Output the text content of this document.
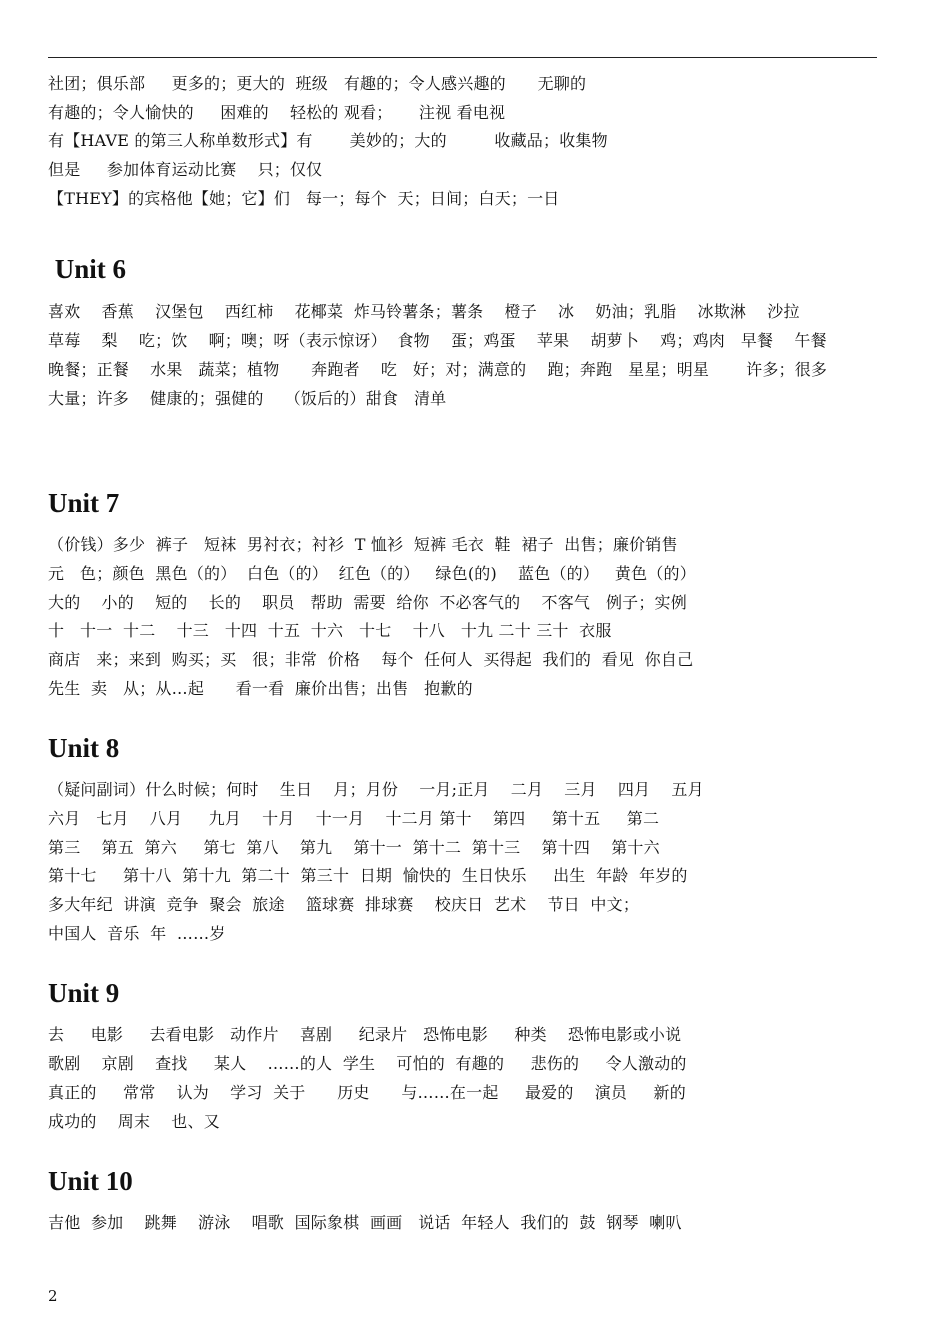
社团；俱乐部     更多的；更大的  班级   有趣的；令人感兴趣的      无聊的
有趣的；令人愉快的     困难的    轻松的 观看；     注视 看电视
有【HAVE 的第三人称单数形式】有       美妙的；大的         收藏品；收集物
但是     参加体育运动比赛    只；仅仅
【THEY】的宾格他【她；它】们   每一；每个  天；日间；白天；一日
Unit 6
喜欢    香蕉    汉堡包    西红柿    花椰菜  炸马铃薯条；薯条    橙子    冰    奶油；乳脂    冰欺淋    沙拉
草莓    梨    吃；饮    啊；噢；呀（表示惊讶）  食物    蛋；鸡蛋    苹果    胡萝卜    鸡；鸡肉   早餐    午餐
晚餐；正餐    水果   蔬菜；植物      奔跑者    吃   好；对；满意的    跑；奔跑   星星；明星       许多；很多
大量；许多    健康的；强健的    （饭后的）甜食   清单
Unit 7
（价钱）多少  裤子   短袜  男衬衣；衬衫  T 恤衫  短裤 毛衣  鞋  裙子  出售；廉价销售
元   色；颜色  黑色（的）  白色（的）  红色（的）   绿色(的)    蓝色（的）   黄色（的）
大的    小的    短的    长的    职员   帮助  需要  给你  不必客气的    不客气   例子；实例
十   十一  十二    十三   十四  十五  十六   十七    十八   十九 二十 三十  衣服
商店   来；来到  购买；买   很；非常  价格    每个  任何人  买得起  我们的  看见  你自己
先生  卖   从；从…起      看一看  廉价出售；出售   抱歉的
Unit 8
（疑问副词）什么时候；何时    生日    月；月份    一月;正月    二月    三月    四月    五月
六月   七月    八月     九月    十月    十一月    十二月 第十    第四     第十五     第二
第三    第五  第六     第七  第八    第九    第十一  第十二  第十三    第十四    第十六
第十七     第十八  第十九  第二十  第三十  日期  愉快的  生日快乐     出生  年龄  年岁的
多大年纪  讲演  竞争  聚会  旅途    篮球赛  排球赛    校庆日  艺术    节日  中文；
中国人  音乐  年  ……岁
Unit 9
去     电影     去看电影   动作片    喜剧     纪录片   恐怖电影     种类    恐怖电影或小说
歌剧    京剧    查找     某人    ……的人  学生    可怕的  有趣的     悲伤的     令人激动的
真正的     常常    认为    学习  关于      历史      与……在一起     最爱的    演员     新的
成功的    周末    也、又
Unit 10
吉他  参加    跳舞    游泳    唱歌  国际象棋  画画   说话  年轻人  我们的  鼓  钢琴  喇叭
2
